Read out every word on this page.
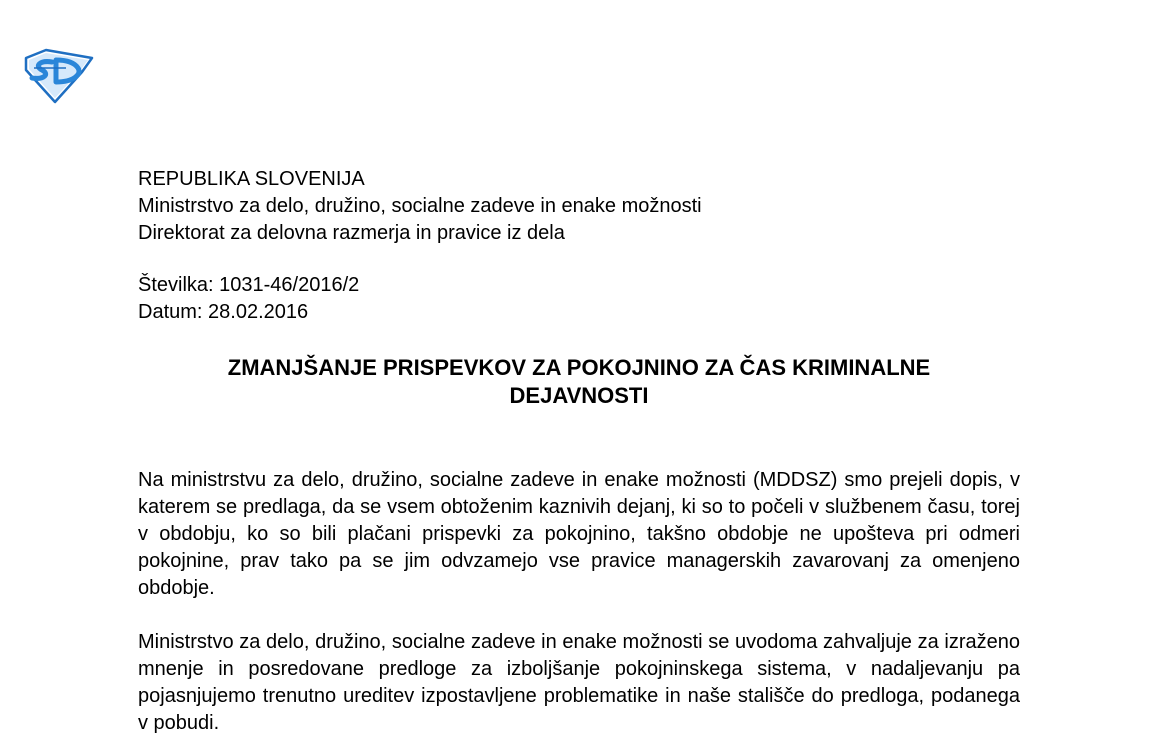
REPUBLIKA SLOVENIJA
Ministrstvo za delo, družino, socialne zadeve in enake možnosti
Direktorat za delovna razmerja in pravice iz dela
Številka: 1031-46/2016/2
Datum: 28.02.2016
ZMANJŠANJE PRISPEVKOV ZA POKOJNINO ZA ČAS KRIMINALNE
DEJAVNOSTI

Na ministrstvu za delo, družino, socialne zadeve in enake možnosti (MDDSZ) smo prejeli dopis, v katerem se predlaga, da se vsem obtoženim kaznivih dejanj, ki so to počeli v službenem času, torej v obdobju, ko so bili plačani prispevki za pokojnino, takšno obdobje ne upošteva pri odmeri pokojnine, prav tako pa se jim odvzamejo vse pravice managerskih zavarovanj za omenjeno obdobje.

Ministrstvo za delo, družino, socialne zadeve in enake možnosti se uvodoma zahvaljuje za izraženo mnenje in posredovane predloge za izboljšanje pokojninskega sistema, v nadaljevanju pa pojasnjujemo trenutno ureditev izpostavljene problematike in naše stališče do predloga, podanega v pobudi.
